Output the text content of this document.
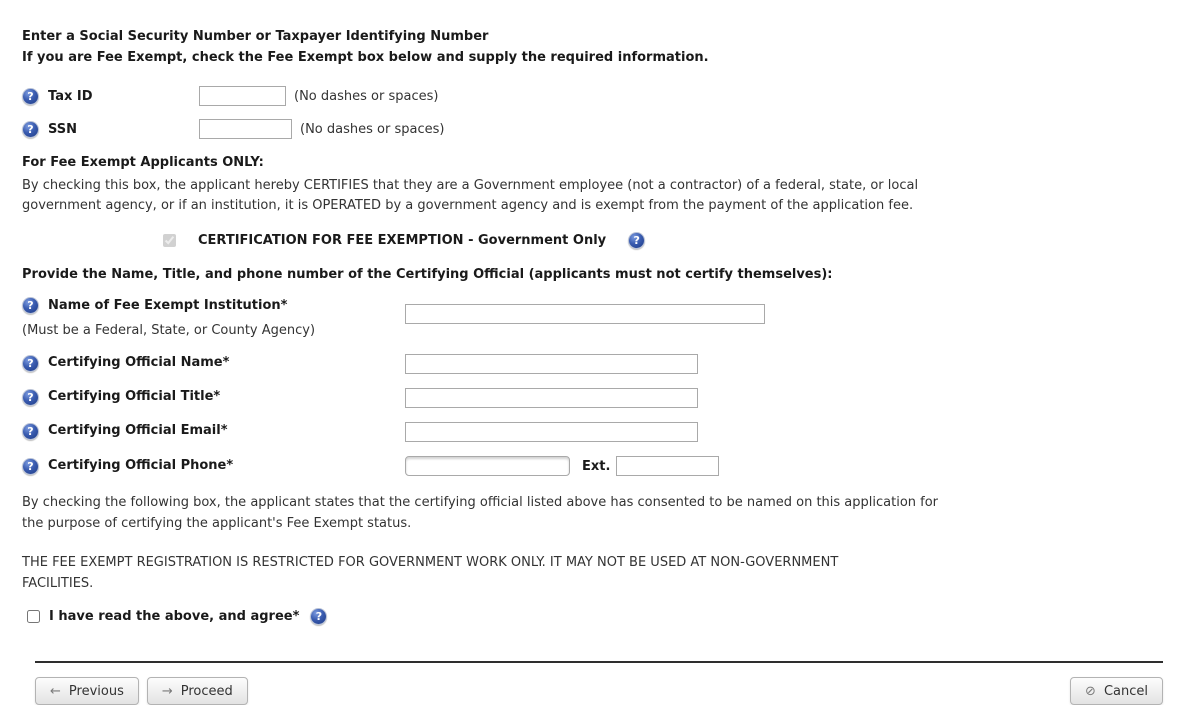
Enter a Social Security Number or Taxpayer Identifying Number
If you are Fee Exempt, check the Fee Exempt box below and supply the required information.
?	Tax ID	(No dashes or spaces)
?	SSN	(No dashes or spaces)
For Fee Exempt Applicants ONLY:
By checking this box, the applicant hereby CERTIFIES that they are a Government employee (not a contractor) of a federal, state, or local government agency, or if an institution, it is OPERATED by a government agency and is exempt from the payment of the application fee.
CERTIFICATION FOR FEE EXEMPTION - Government Only	?
Provide the Name, Title, and phone number of the Certifying Official (applicants must not certify themselves):
?	Name of Fee Exempt Institution*
(Must be a Federal, State, or County Agency)
?	Certifying Official Name*
?	Certifying Official Title*
?	Certifying Official Email*
?	Certifying Official Phone*	Ext.
By checking the following box, the applicant states that the certifying official listed above has consented to be named on this application for the purpose of certifying the applicant's Fee Exempt status.
THE FEE EXEMPT REGISTRATION IS RESTRICTED FOR GOVERNMENT WORK ONLY. IT MAY NOT BE USED AT NON-GOVERNMENT FACILITIES.
I have read the above, and agree*	?
← Previous	→ Proceed	⊘ Cancel
